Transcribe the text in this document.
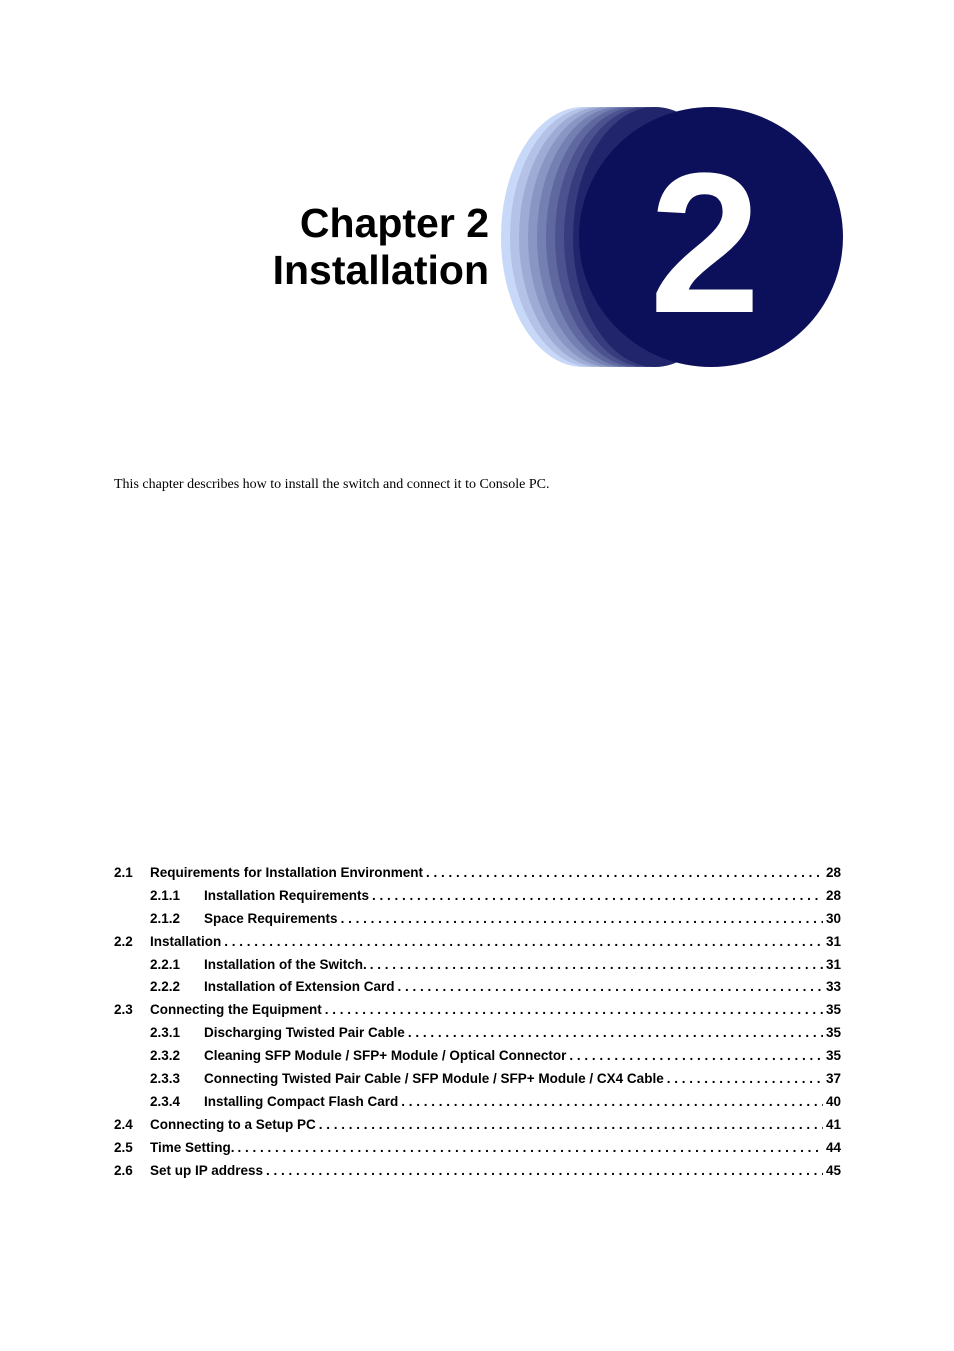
Chapter 2
Installation 2

This chapter describes how to install the switch and connect it to Console PC.

2.1	Requirements for Installation Environment . . .	28
2.1.1	Installation Requirements . . .	28
2.1.2	Space Requirements . . .	30
2.2	Installation . . .	31
2.2.1	Installation of the Switch. . . .	31
2.2.2	Installation of Extension Card . . .	33
2.3	Connecting the Equipment . . .	35
2.3.1	Discharging Twisted Pair Cable . . .	35
2.3.2	Cleaning SFP Module / SFP+ Module / Optical Connector . . .	35
2.3.3	Connecting Twisted Pair Cable / SFP Module / SFP+ Module / CX4 Cable . . .	37
2.3.4	Installing Compact Flash Card . . .	40
2.4	Connecting to a Setup PC . . .	41
2.5	Time Setting. . . .	44
2.6	Set up IP address . . .	45
